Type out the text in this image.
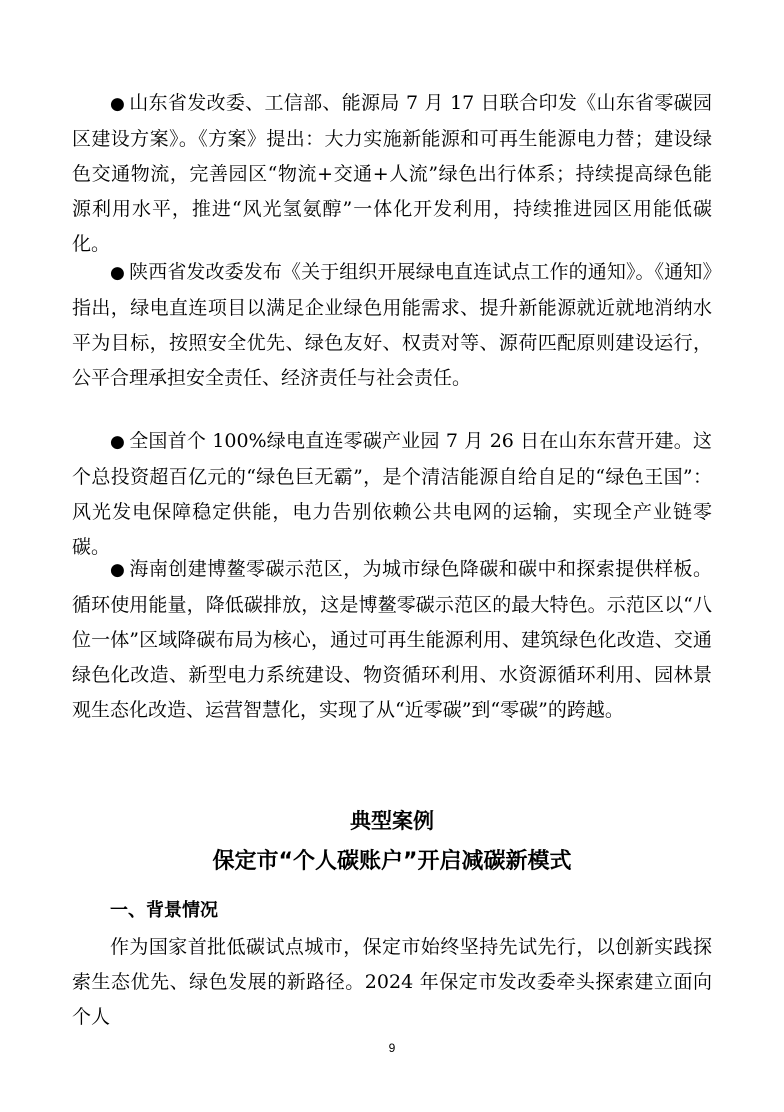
● 山东省发改委、工信部、能源局 7 月 17 日联合印发《山东省零碳园区建设方案》。《方案》提出：大力实施新能源和可再生能源电力替；建设绿色交通物流，完善园区“物流+交通+人流”绿色出行体系；持续提高绿色能源利用水平，推进“风光氢氨醇”一体化开发利用，持续推进园区用能低碳化。

● 陕西省发改委发布《关于组织开展绿电直连试点工作的通知》。《通知》指出，绿电直连项目以满足企业绿色用能需求、提升新能源就近就地消纳水平为目标，按照安全优先、绿色友好、权责对等、源荷匹配原则建设运行，公平合理承担安全责任、经济责任与社会责任。

● 全国首个 100%绿电直连零碳产业园 7 月 26 日在山东东营开建。这个总投资超百亿元的“绿色巨无霸”，是个清洁能源自给自足的“绿色王国”：风光发电保障稳定供能，电力告别依赖公共电网的运输，实现全产业链零碳。

● 海南创建博鳌零碳示范区，为城市绿色降碳和碳中和探索提供样板。循环使用能量，降低碳排放，这是博鳌零碳示范区的最大特色。示范区以“八位一体”区域降碳布局为核心，通过可再生能源利用、建筑绿色化改造、交通绿色化改造、新型电力系统建设、物资循环利用、水资源循环利用、园林景观生态化改造、运营智慧化，实现了从“近零碳”到“零碳”的跨越。

典型案例
保定市“个人碳账户”开启减碳新模式
一、背景情况

作为国家首批低碳试点城市，保定市始终坚持先试先行，以创新实践探索生态优先、绿色发展的新路径。2024 年保定市发改委牵头探索建立面向个人

9
